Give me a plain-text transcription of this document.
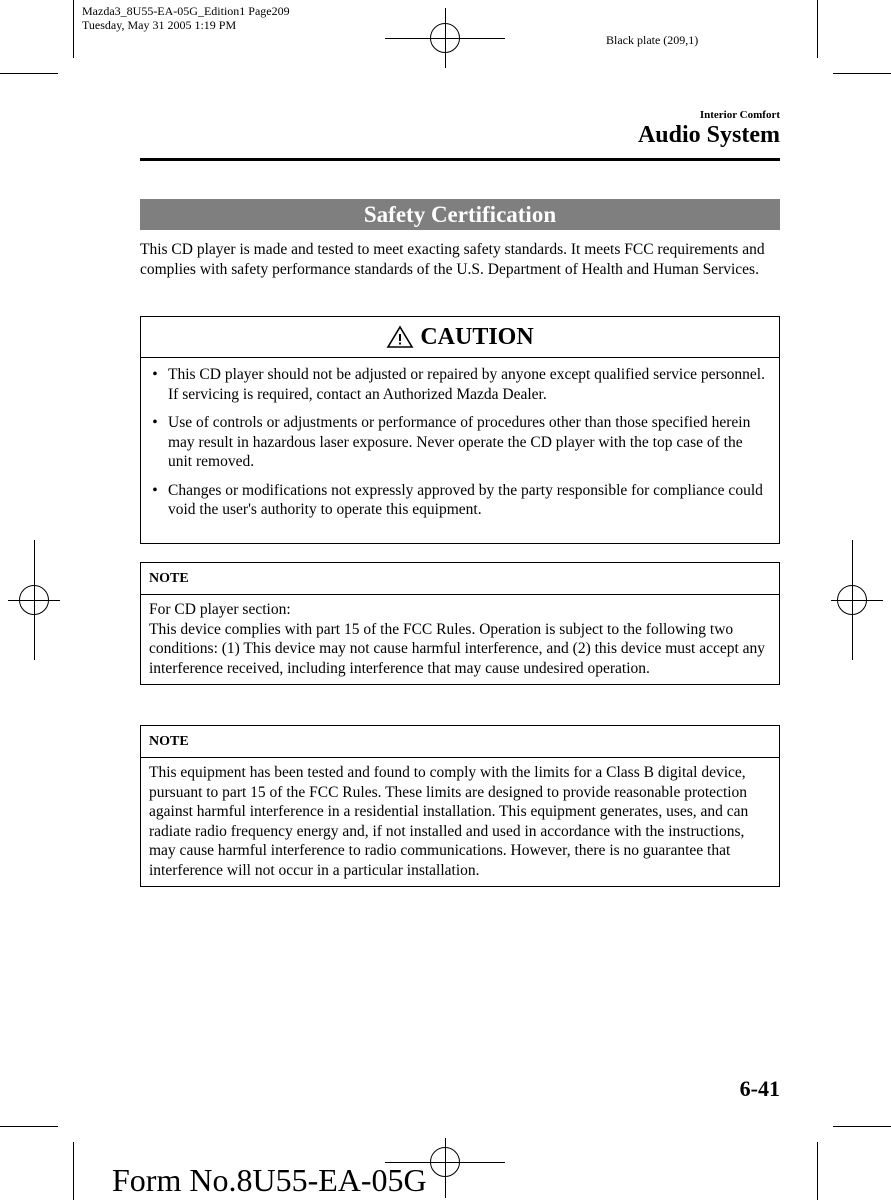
Mazda3_8U55-EA-05G_Edition1 Page209
Tuesday, May 31 2005 1:19 PM
Black plate (209,1)
Interior Comfort
Audio System
Safety Certification
This CD player is made and tested to meet exacting safety standards. It meets FCC requirements and complies with safety performance standards of the U.S. Department of Health and Human Services.
CAUTION
• This CD player should not be adjusted or repaired by anyone except qualified service personnel.
If servicing is required, contact an Authorized Mazda Dealer.
• Use of controls or adjustments or performance of procedures other than those specified herein may result in hazardous laser exposure. Never operate the CD player with the top case of the unit removed.
• Changes or modifications not expressly approved by the party responsible for compliance could void the user's authority to operate this equipment.
NOTE
For CD player section:
This device complies with part 15 of the FCC Rules. Operation is subject to the following two conditions: (1) This device may not cause harmful interference, and (2) this device must accept any interference received, including interference that may cause undesired operation.
NOTE
This equipment has been tested and found to comply with the limits for a Class B digital device, pursuant to part 15 of the FCC Rules. These limits are designed to provide reasonable protection against harmful interference in a residential installation. This equipment generates, uses, and can radiate radio frequency energy and, if not installed and used in accordance with the instructions, may cause harmful interference to radio communications. However, there is no guarantee that interference will not occur in a particular installation.
6-41
Form No.8U55-EA-05G
